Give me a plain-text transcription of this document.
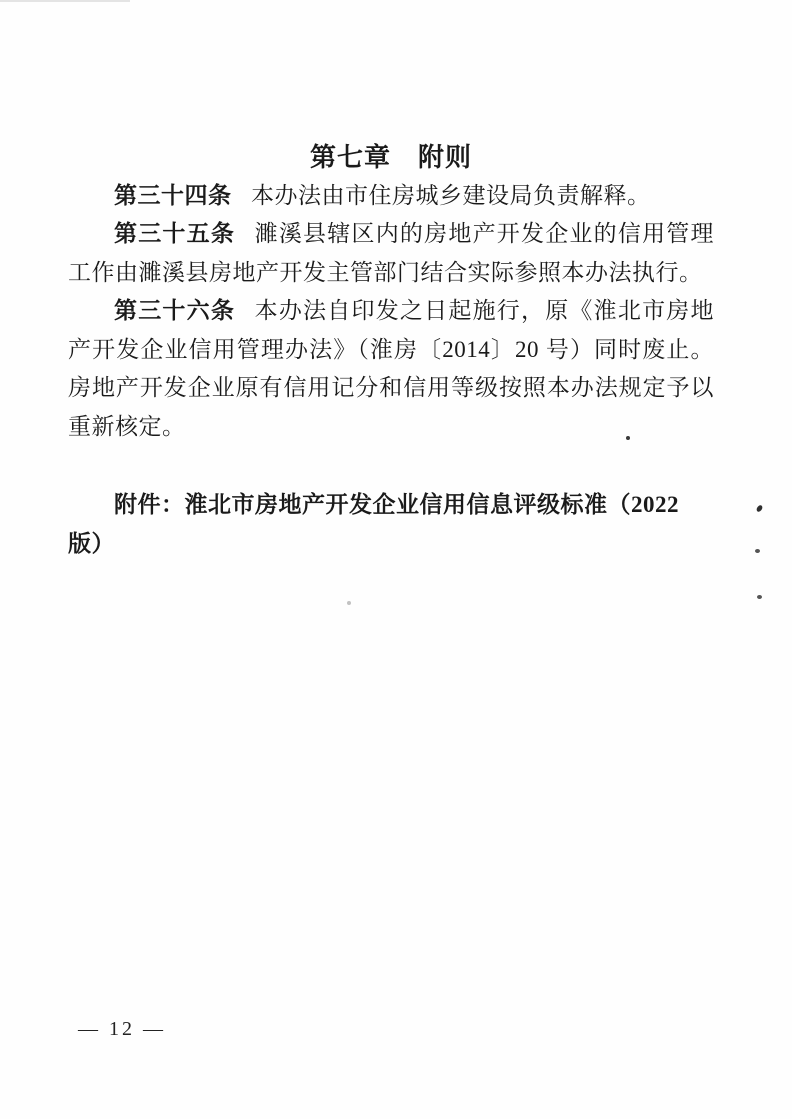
第七章　附则

第三十四条 本办法由市住房城乡建设局负责解释。

第三十五条 濉溪县辖区内的房地产开发企业的信用管理工作由濉溪县房地产开发主管部门结合实际参照本办法执行。

第三十六条 本办法自印发之日起施行，原《淮北市房地产开发企业信用管理办法》（淮房〔2014〕20 号）同时废止。房地产开发企业原有信用记分和信用等级按照本办法规定予以重新核定。

附件：淮北市房地产开发企业信用信息评级标准（2022 版）

— 12 —
